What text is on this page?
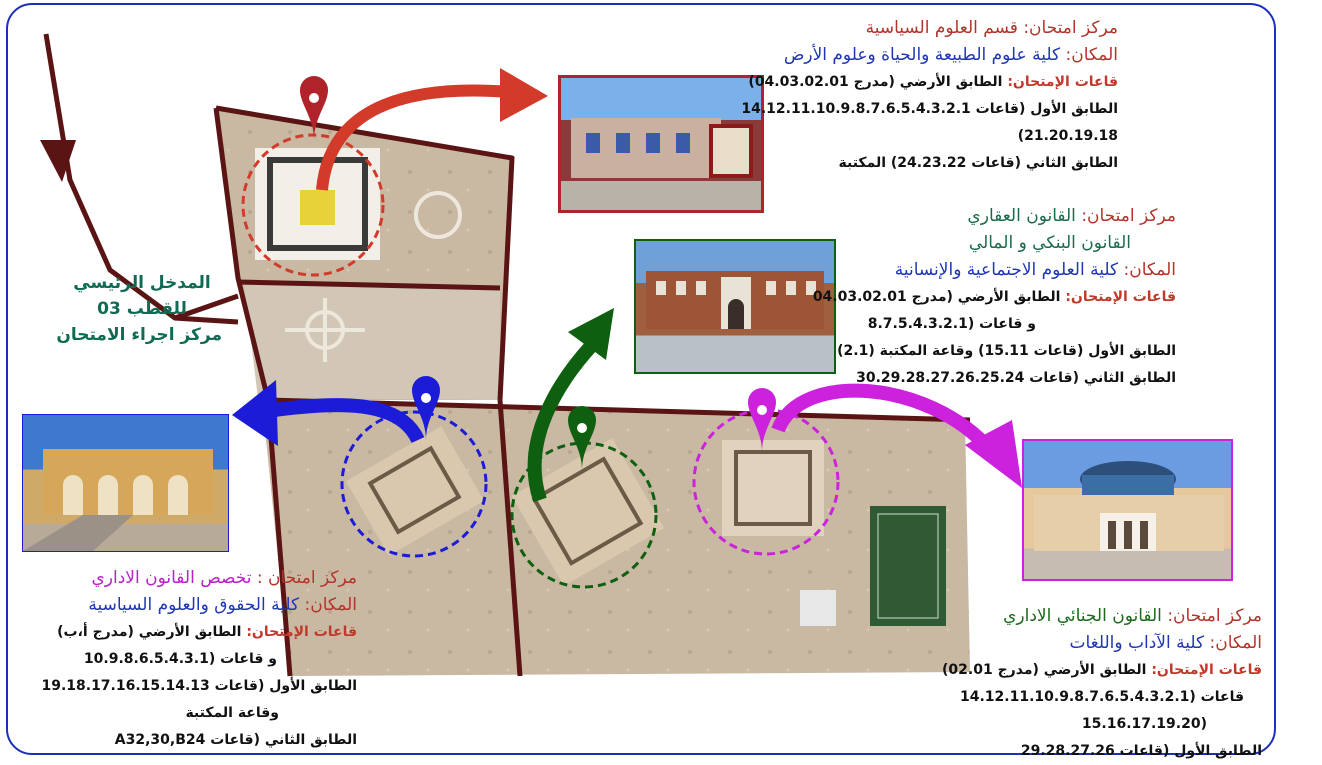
المدخل الرئيسي
للقطب 03
مركز اجراء الامتحان
مركز امتحان: قسم العلوم السياسية
المكان: كلية علوم الطبيعة والحياة وعلوم الأرض
قاعات الإمتحان: الطابق الأرضي (مدرج 04.03.02.01)
الطابق الأول (قاعات 14.12.11.10.9.8.7.6.5.4.3.2.1
21.20.19.18)
الطابق الثاني (قاعات 24.23.22) المكتبة
مركز امتحان: القانون العقاري
القانون البنكي و المالي
المكان: كلية العلوم الاجتماعية والإنسانية
قاعات الإمتحان: الطابق الأرضي (مدرج 04.03.02.01
و قاعات (8.7.5.4.3.2.1
الطابق الأول (قاعات 15.11) وقاعة المكتبة (2.1)
الطابق الثاني (قاعات 30.29.28.27.26.25.24
مركز امتحان : تخصص القانون الاداري
المكان: كلية الحقوق والعلوم السياسية
قاعات الإمتحان: الطابق الأرضي (مدرج أ،ب)
و قاعات (10.9.8.6.5.4.3.1
الطابق الأول (قاعات 19.18.17.16.15.14.13
وقاعة المكتبة
الطابق الثاني (قاعات A32,30,B24
مركز امتحان: القانون الجنائي الاداري
المكان: كلية الآداب واللغات
قاعات الإمتحان: الطابق الأرضي (مدرج 02.01)
قاعات (14.12.11.10.9.8.7.6.5.4.3.2.1
(15.16.17.19.20
الطابق الأول (قاعات 29.28.27.26
